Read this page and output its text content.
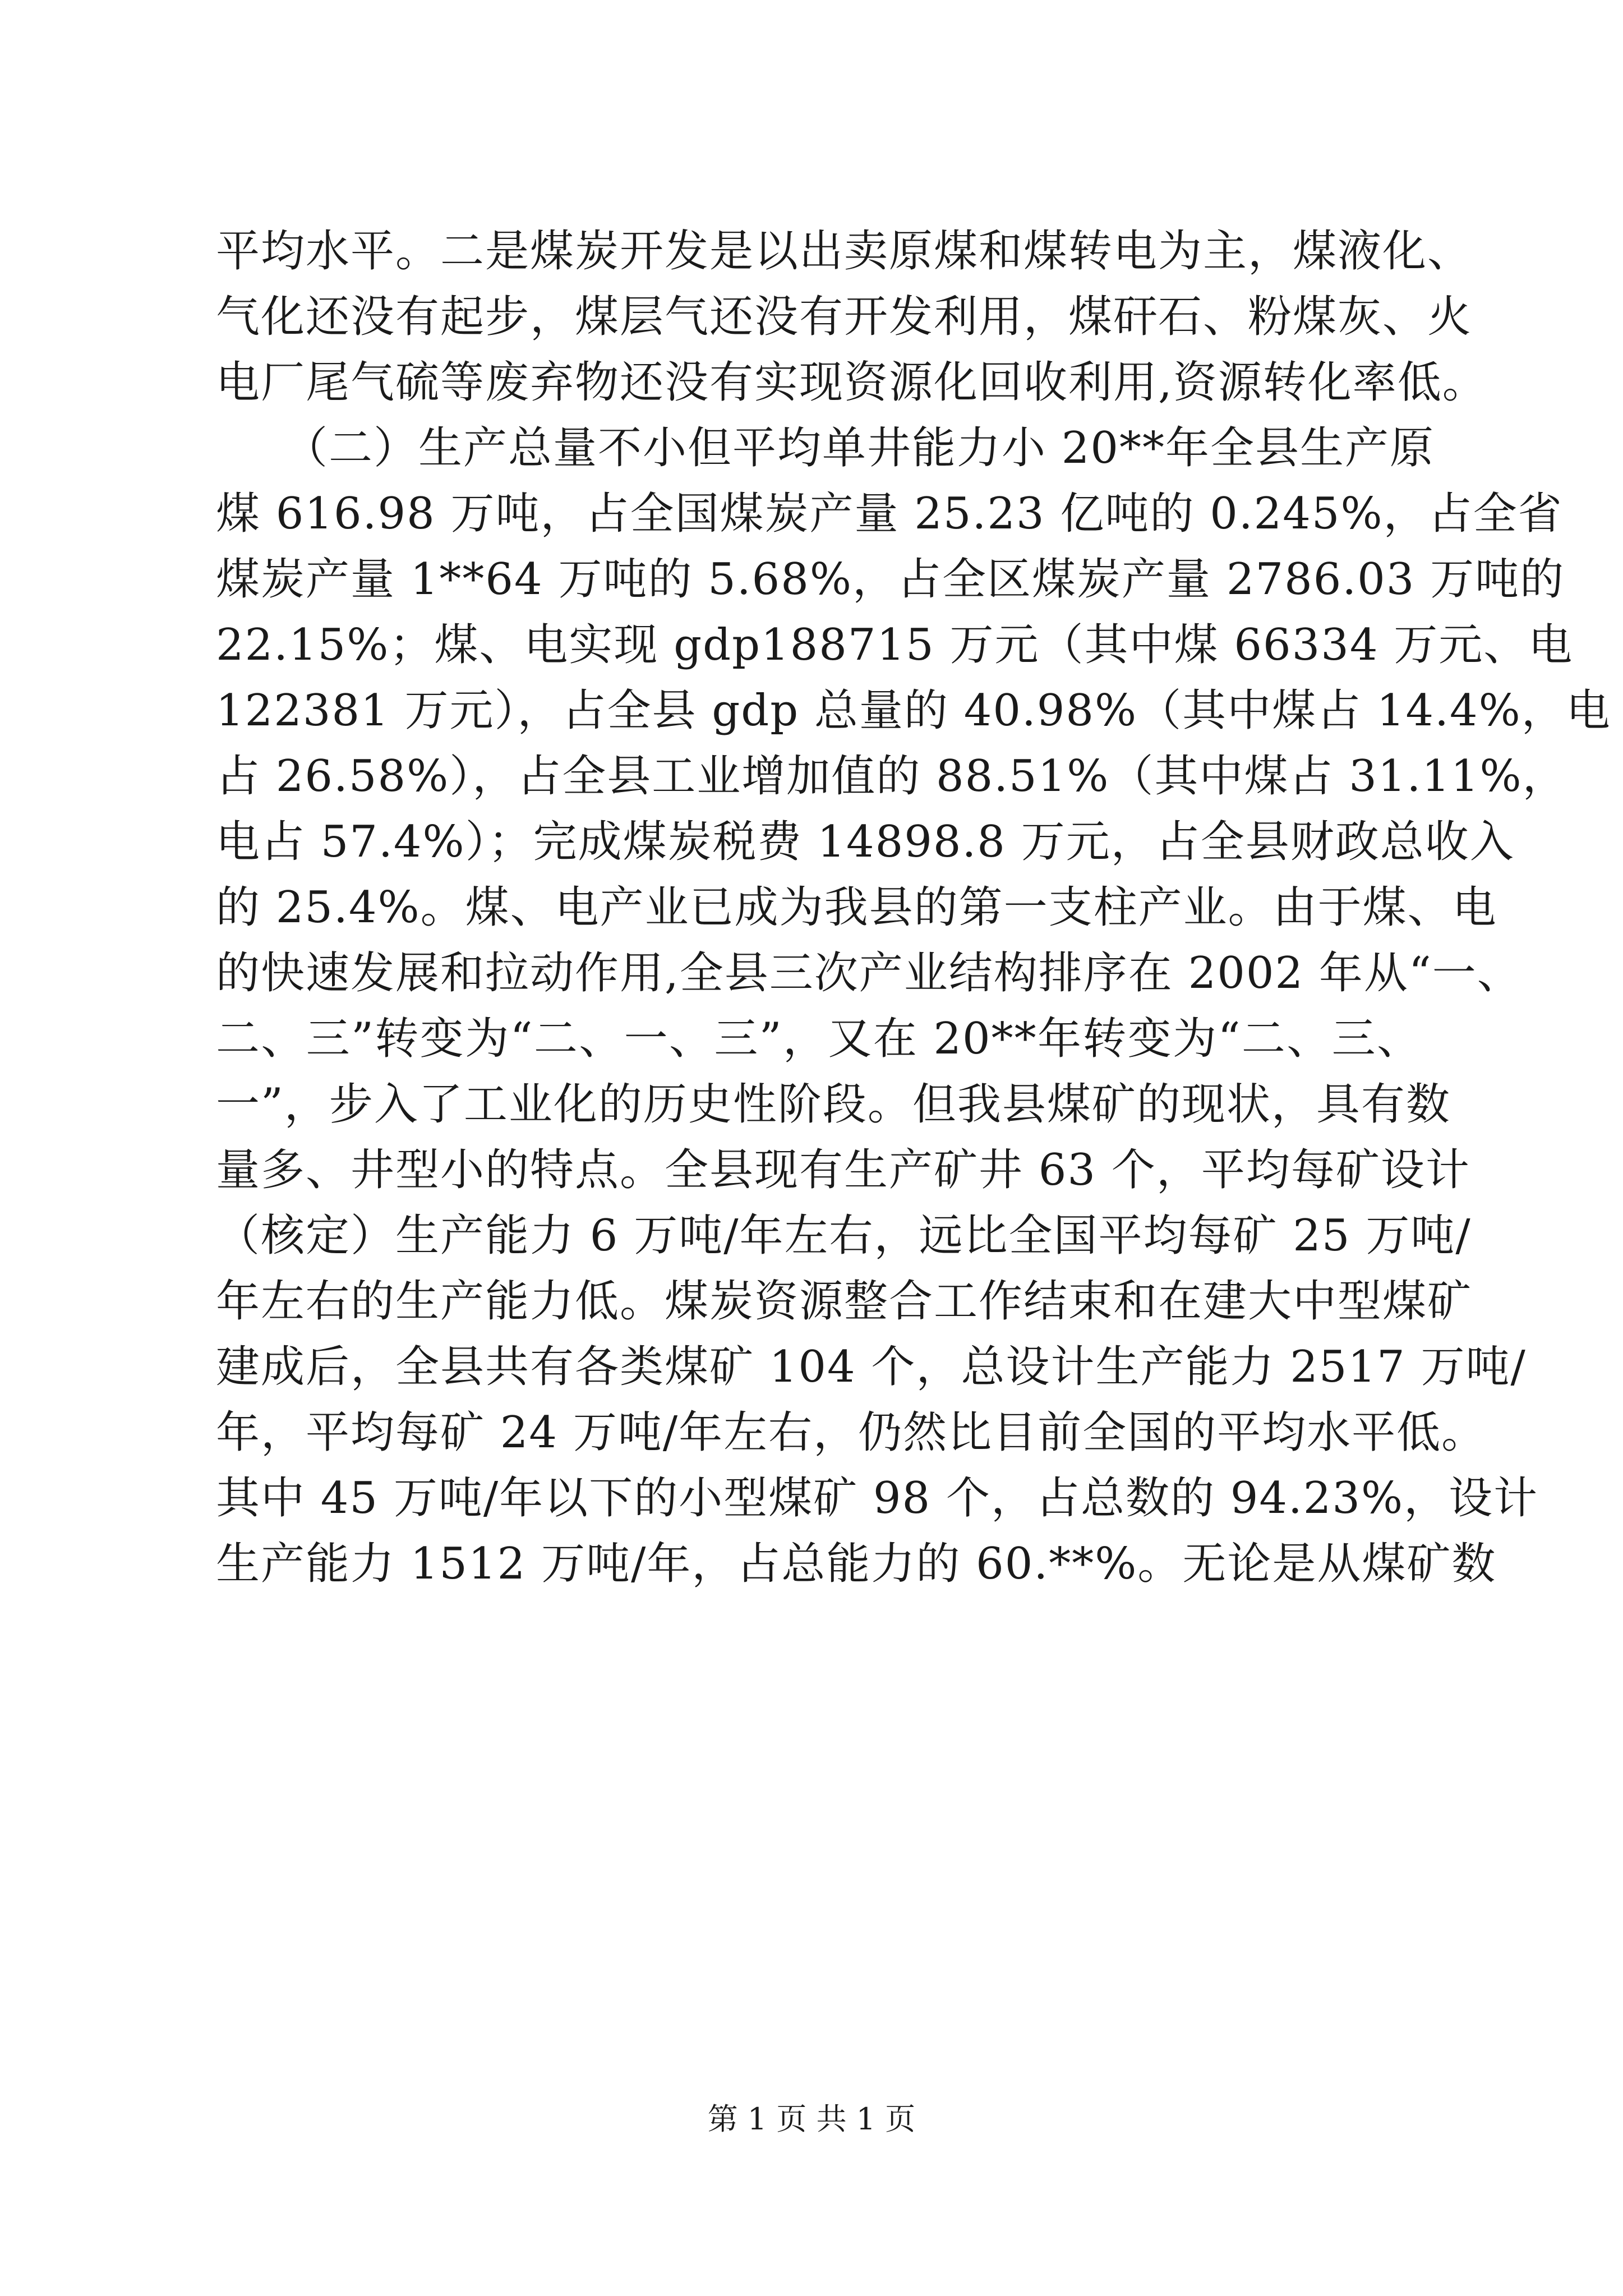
平均水平。二是煤炭开发是以出卖原煤和煤转电为主，煤液化、
气化还没有起步，煤层气还没有开发利用，煤矸石、粉煤灰、火
电厂尾气硫等废弃物还没有实现资源化回收利用,资源转化率低。
　　（二）生产总量不小但平均单井能力小 20**年全县生产原
煤 616.98 万吨，占全国煤炭产量 25.23 亿吨的 0.245%，占全省
煤炭产量 1**64 万吨的 5.68%，占全区煤炭产量 2786.03 万吨的
22.15%；煤、电实现 gdp188715 万元（其中煤 66334 万元、电
122381 万元），占全县 gdp 总量的 40.98%（其中煤占 14.4%，电
占 26.58%），占全县工业增加值的 88.51%（其中煤占 31.11%，
电占 57.4%）；完成煤炭税费 14898.8 万元，占全县财政总收入
的 25.4%。煤、电产业已成为我县的第一支柱产业。由于煤、电
的快速发展和拉动作用,全县三次产业结构排序在 2002 年从“一、
二、三”转变为“二、一、三”，又在 20**年转变为“二、三、
一”，步入了工业化的历史性阶段。但我县煤矿的现状，具有数
量多、井型小的特点。全县现有生产矿井 63 个，平均每矿设计
（核定）生产能力 6 万吨/年左右，远比全国平均每矿 25 万吨/
年左右的生产能力低。煤炭资源整合工作结束和在建大中型煤矿
建成后，全县共有各类煤矿 104 个，总设计生产能力 2517 万吨/
年，平均每矿 24 万吨/年左右，仍然比目前全国的平均水平低。
其中 45 万吨/年以下的小型煤矿 98 个，占总数的 94.23%，设计
生产能力 1512 万吨/年，占总能力的 60.**%。无论是从煤矿数

第 1 页 共 1 页
